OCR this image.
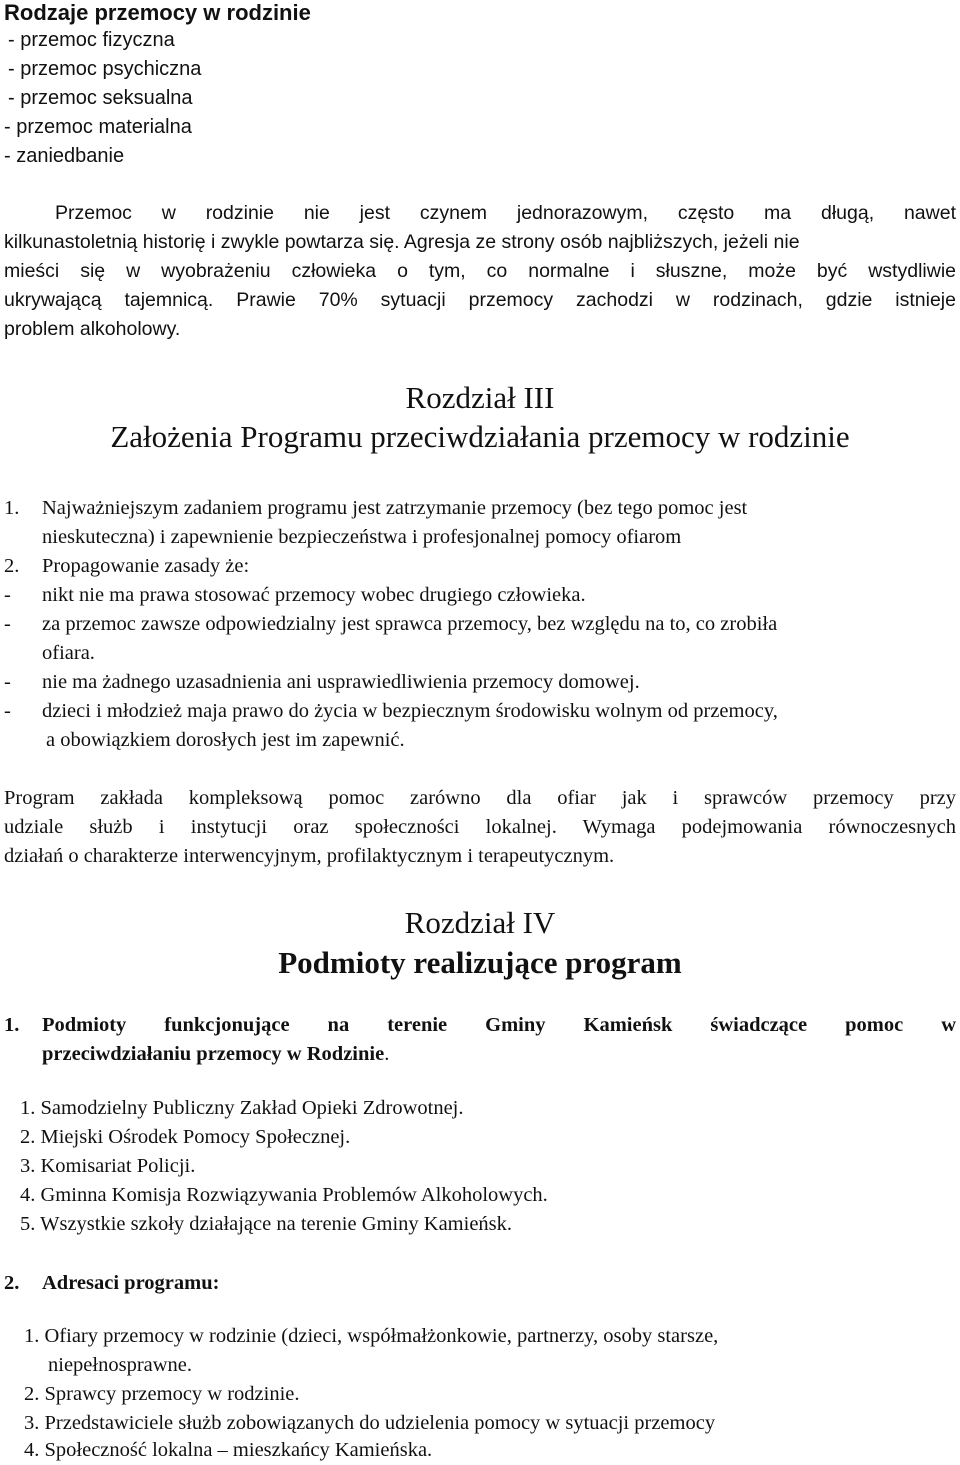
Rodzaje przemocy w rodzinie

- przemoc fizyczna

- przemoc psychiczna

- przemoc seksualna

- przemoc materialna

- zaniedbanie

Przemoc w rodzinie nie jest czynem jednorazowym, często ma długą, nawet
kilkunastoletnią historię i zwykle powtarza się. Agresja ze strony osób najbliższych, jeżeli nie
mieści się w wyobrażeniu człowieka o tym, co normalne i słuszne, może być wstydliwie
ukrywającą tajemnicą. Prawie 70% sytuacji przemocy zachodzi w rodzinach, gdzie istnieje
problem alkoholowy.

Rozdział III

Założenia Programu przeciwdziałania przemocy w rodzinie

1. Najważniejszym zadaniem programu jest zatrzymanie przemocy (bez tego pomoc jest
nieskuteczna) i zapewnienie bezpieczeństwa i profesjonalnej pomocy ofiarom
2. Propagowanie zasady że:
- nikt nie ma prawa stosować przemocy wobec drugiego człowieka.
- za przemoc zawsze odpowiedzialny jest sprawca przemocy, bez względu na to, co zrobiła
ofiara.
- nie ma żadnego uzasadnienia ani usprawiedliwienia przemocy domowej.
- dzieci i młodzież maja prawo do życia w bezpiecznym środowisku wolnym od przemocy,
a obowiązkiem dorosłych jest im zapewnić.
Program zakłada kompleksową pomoc zarówno dla ofiar jak i sprawców przemocy przy
udziale służb i instytucji oraz społeczności lokalnej. Wymaga podejmowania równoczesnych
działań o charakterze interwencyjnym, profilaktycznym i terapeutycznym.

Rozdział IV

Podmioty realizujące program

1. Podmioty funkcjonujące na terenie Gminy Kamieńsk świadczące pomoc w
przeciwdziałaniu przemocy w Rodzinie.
1. Samodzielny Publiczny Zakład Opieki Zdrowotnej.
2. Miejski Ośrodek Pomocy Społecznej.
3. Komisariat Policji.
4. Gminna Komisja Rozwiązywania Problemów Alkoholowych.
5. Wszystkie szkoły działające na terenie Gminy Kamieńsk.
2. Adresaci programu:
1. Ofiary przemocy w rodzinie (dzieci, współmałżonkowie, partnerzy, osoby starsze,
niepełnosprawne.
2. Sprawcy przemocy w rodzinie.
3. Przedstawiciele służb zobowiązanych do udzielenia pomocy w sytuacji przemocy
4. Społeczność lokalna – mieszkańcy Kamieńska.
